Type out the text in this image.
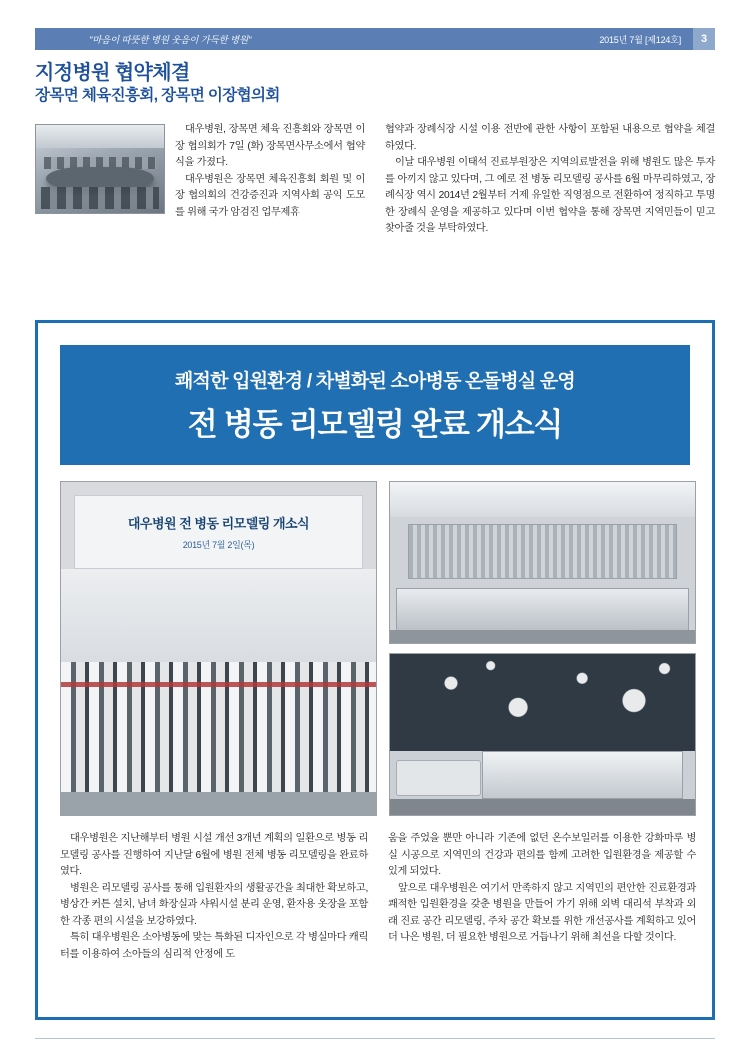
"마음이 따뜻한 병원 웃음이 가득한 병원"	2015년 7월 [제124호]	3
지정병원 협약체결
장목면 체육진흥회, 장목면 이장협의회

대우병원, 장목면 체육 진흥회와 장목면 이장 협의회가 7일 (화) 장목면사무소에서 협약식을 가졌다.

대우병원은 장목면 체육진흥회 회원 및 이장 협의회의 건강증진과 지역사회 공익 도모를 위해 국가 암검진 업무제휴

협약과 장례식장 시설 이용 전반에 관한 사항이 포함된 내용으로 협약을 체결하였다.

이날 대우병원 이태석 진료부원장은 지역의료발전을 위해 병원도 많은 투자를 아끼지 않고 있다며, 그 예로 전 병동 리모델링 공사를 6월 마무리하였고, 장례식장 역시 2014년 2월부터 거제 유일한 직영점으로 전환하여 정직하고 투명한 장례식 운영을 제공하고 있다며 이번 협약을 통해 장목면 지역민들이 믿고 찾아줄 것을 부탁하였다.

쾌적한 입원환경 / 차별화된 소아병동 온돌병실 운영
전 병동 리모델링 완료 개소식
대우병원 전 병동 리모델링 개소식
2015년 7월 2일(목)

대우병원은 지난해부터 병원 시설 개선 3개년 계획의 일환으로 병동 리모델링 공사를 진행하여 지난달 6월에 병원 전체 병동 리모델링을 완료하였다.

병원은 리모델링 공사를 통해 입원환자의 생활공간을 최대한 확보하고, 병상간 커튼 설치, 남녀 화장실과 샤워시설 분리 운영, 환자용 옷장을 포함한 각종 편의 시설을 보강하였다.

특히 대우병원은 소아병동에 맞는 특화된 디자인으로 각 병실마다 캐릭터를 이용하여 소아들의 심리적 안정에 도

움을 주었을 뿐만 아니라 기존에 없던 온수보일러를 이용한 강화마루 병실 시공으로 지역민의 건강과 편의를 함께 고려한 입원환경을 제공할 수 있게 되었다.

앞으로 대우병원은 여기서 만족하지 않고 지역민의 편안한 진료환경과 쾌적한 입원환경을 갖춘 병원을 만들어 가기 위해 외벽 대리석 부착과 외래 진료 공간 리모델링, 주차 공간 확보를 위한 개선공사를 계획하고 있어 더 나은 병원, 더 필요한 병원으로 거듭나기 위해 최선을 다할 것이다.
